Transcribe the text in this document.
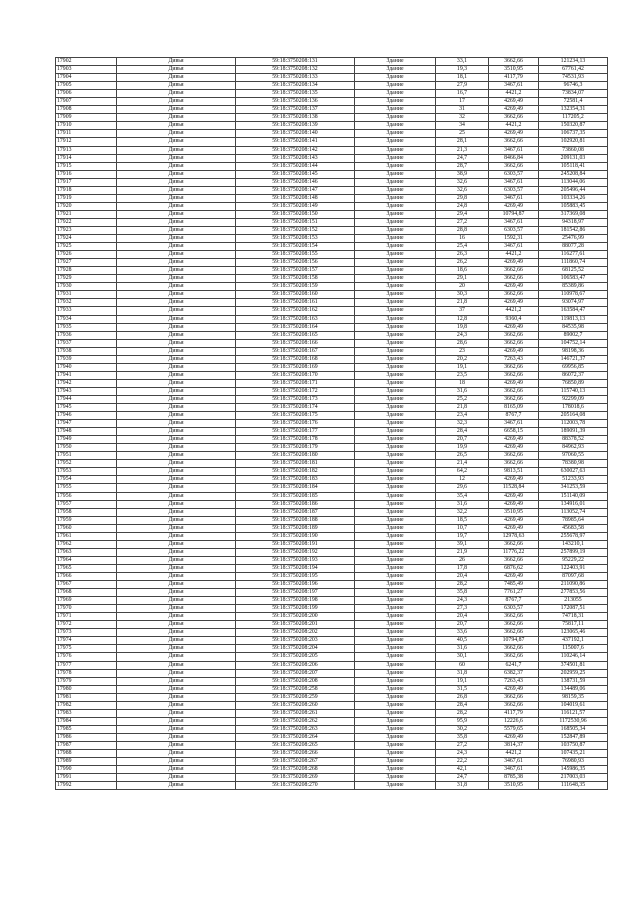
17902	Дивья	59:18:3750208:131	Здание	33,1	3662,66	121234,13
17903	Дивья	59:18:3750208:132	Здание	19,3	3510,95	67761,42
17904	Дивья	59:18:3750208:133	Здание	18,1	4117,79	74531,93
17905	Дивья	59:18:3750208:134	Здание	27,9	3467,61	96746,3
17906	Дивья	59:18:3750208:135	Здание	16,7	4421,2	73834,07
17907	Дивья	59:18:3750208:136	Здание	17	4269,49	72581,4
17908	Дивья	59:18:3750208:137	Здание	31	4269,49	132354,31
17909	Дивья	59:18:3750208:138	Здание	32	3662,66	117205,2
17910	Дивья	59:18:3750208:139	Здание	34	4421,2	150320,87
17911	Дивья	59:18:3750208:140	Здание	25	4269,49	106737,35
17912	Дивья	59:18:3750208:141	Здание	28,1	3662,66	102920,81
17913	Дивья	59:18:3750208:142	Здание	21,3	3467,61	73860,08
17914	Дивья	59:18:3750208:143	Здание	24,7	8466,84	209131,03
17915	Дивья	59:18:3750208:144	Здание	28,7	3662,66	105118,41
17916	Дивья	59:18:3750208:145	Здание	38,9	6303,57	245208,84
17917	Дивья	59:18:3750208:146	Здание	32,6	3467,61	113044,06
17918	Дивья	59:18:3750208:147	Здание	32,6	6303,57	205496,44
17919	Дивья	59:18:3750208:148	Здание	29,8	3467,61	103334,26
17920	Дивья	59:18:3750208:149	Здание	24,8	4269,49	105883,45
17921	Дивья	59:18:3750208:150	Здание	29,4	10794,87	317369,08
17922	Дивья	59:18:3750208:151	Здание	27,2	3467,61	94318,97
17923	Дивья	59:18:3750208:152	Здание	28,8	6303,57	181542,86
17924	Дивья	59:18:3750208:153	Здание	16	1592,31	25476,99
17925	Дивья	59:18:3750208:154	Здание	25,4	3467,61	88077,28
17926	Дивья	59:18:3750208:155	Здание	26,3	4421,2	116277,61
17927	Дивья	59:18:3750208:156	Здание	26,2	4269,49	111860,74
17928	Дивья	59:18:3750208:157	Здание	18,6	3662,66	68125,52
17929	Дивья	59:18:3750208:158	Здание	29,1	3662,66	106583,47
17930	Дивья	59:18:3750208:159	Здание	20	4269,49	85389,86
17931	Дивья	59:18:3750208:160	Здание	30,3	3662,66	110978,67
17932	Дивья	59:18:3750208:161	Здание	21,8	4269,49	93074,97
17933	Дивья	59:18:3750208:162	Здание	37	4421,2	163584,47
17934	Дивья	59:18:3750208:163	Здание	12,8	9360,4	119813,13
17935	Дивья	59:18:3750208:164	Здание	19,8	4269,49	84535,98
17936	Дивья	59:18:3750208:165	Здание	24,3	3662,66	89002,7
17937	Дивья	59:18:3750208:166	Здание	28,6	3662,66	104752,14
17938	Дивья	59:18:3750208:167	Здание	23	4269,49	98198,36
17939	Дивья	59:18:3750208:168	Здание	20,2	7263,43	146721,37
17940	Дивья	59:18:3750208:169	Здание	19,1	3662,66	69956,85
17941	Дивья	59:18:3750208:170	Здание	23,5	3662,66	86072,37
17942	Дивья	59:18:3750208:171	Здание	18	4269,49	76850,89
17943	Дивья	59:18:3750208:172	Здание	31,6	3662,66	115740,13
17944	Дивья	59:18:3750208:173	Здание	25,2	3662,66	92299,09
17945	Дивья	59:18:3750208:174	Здание	21,8	8165,09	178018,6
17946	Дивья	59:18:3750208:175	Здание	23,4	8767,7	205164,08
17947	Дивья	59:18:3750208:176	Здание	32,3	3467,61	112003,78
17948	Дивья	59:18:3750208:177	Здание	28,4	6658,15	189091,39
17949	Дивья	59:18:3750208:178	Здание	20,7	4269,49	88378,52
17950	Дивья	59:18:3750208:179	Здание	19,9	4269,49	84962,93
17951	Дивья	59:18:3750208:180	Здание	26,5	3662,66	97060,55
17952	Дивья	59:18:3750208:181	Здание	21,4	3662,66	78380,98
17953	Дивья	59:18:3750208:182	Здание	64,2	9813,51	630027,63
17954	Дивья	59:18:3750208:183	Здание	12	4269,49	51233,93
17955	Дивья	59:18:3750208:184	Здание	29,6	11528,84	341253,59
17956	Дивья	59:18:3750208:185	Здание	35,4	4269,49	151140,09
17957	Дивья	59:18:3750208:186	Здание	31,6	4269,49	134916,01
17958	Дивья	59:18:3750208:187	Здание	32,2	3510,95	113052,74
17959	Дивья	59:18:3750208:188	Здание	18,5	4269,49	78985,64
17960	Дивья	59:18:3750208:189	Здание	10,7	4269,49	45683,58
17961	Дивья	59:18:3750208:190	Здание	19,7	12978,63	255678,97
17962	Дивья	59:18:3750208:191	Здание	39,1	3662,66	143210,1
17963	Дивья	59:18:3750208:192	Здание	21,9	11776,22	257899,19
17964	Дивья	59:18:3750208:193	Здание	26	3662,66	95229,22
17965	Дивья	59:18:3750208:194	Здание	17,8	6876,62	122403,91
17966	Дивья	59:18:3750208:195	Здание	20,4	4269,49	87097,68
17967	Дивья	59:18:3750208:196	Здание	28,2	7485,49	211090,86
17968	Дивья	59:18:3750208:197	Здание	35,8	7761,27	277853,56
17969	Дивья	59:18:3750208:198	Здание	24,3	8767,7	213055
17970	Дивья	59:18:3750208:199	Здание	27,3	6303,57	172087,51
17971	Дивья	59:18:3750208:200	Здание	20,4	3662,66	74718,31
17972	Дивья	59:18:3750208:201	Здание	20,7	3662,66	75817,11
17973	Дивья	59:18:3750208:202	Здание	33,6	3662,66	123065,46
17974	Дивья	59:18:3750208:203	Здание	40,5	10794,87	437192,1
17975	Дивья	59:18:3750208:204	Здание	31,6	3662,66	115007,6
17976	Дивья	59:18:3750208:205	Здание	30,1	3662,66	110246,14
17977	Дивья	59:18:3750208:206	Здание	60	6241,7	374501,81
17978	Дивья	59:18:3750208:207	Здание	31,8	6382,37	202959,25
17979	Дивья	59:18:3750208:208	Здание	19,1	7263,43	138731,59
17980	Дивья	59:18:3750208:258	Здание	31,5	4269,49	134489,06
17981	Дивья	59:18:3750208:259	Здание	26,8	3662,66	98159,35
17982	Дивья	59:18:3750208:260	Здание	28,4	3662,66	104019,61
17983	Дивья	59:18:3750208:261	Здание	28,2	4117,79	116121,57
17984	Дивья	59:18:3750208:262	Здание	95,9	12226,6	1172530,96
17985	Дивья	59:18:3750208:263	Здание	30,2	5579,65	168505,34
17986	Дивья	59:18:3750208:264	Здание	35,8	4269,49	152847,89
17987	Дивья	59:18:3750208:265	Здание	27,2	3814,37	103750,87
17988	Дивья	59:18:3750208:266	Здание	24,3	4421,2	107435,21
17989	Дивья	59:18:3750208:267	Здание	22,2	3467,61	76980,93
17990	Дивья	59:18:3750208:268	Здание	42,1	3467,61	145986,35
17991	Дивья	59:18:3750208:269	Здание	24,7	8785,38	217003,03
17992	Дивья	59:18:3750208:270	Здание	31,8	3510,95	111648,35
